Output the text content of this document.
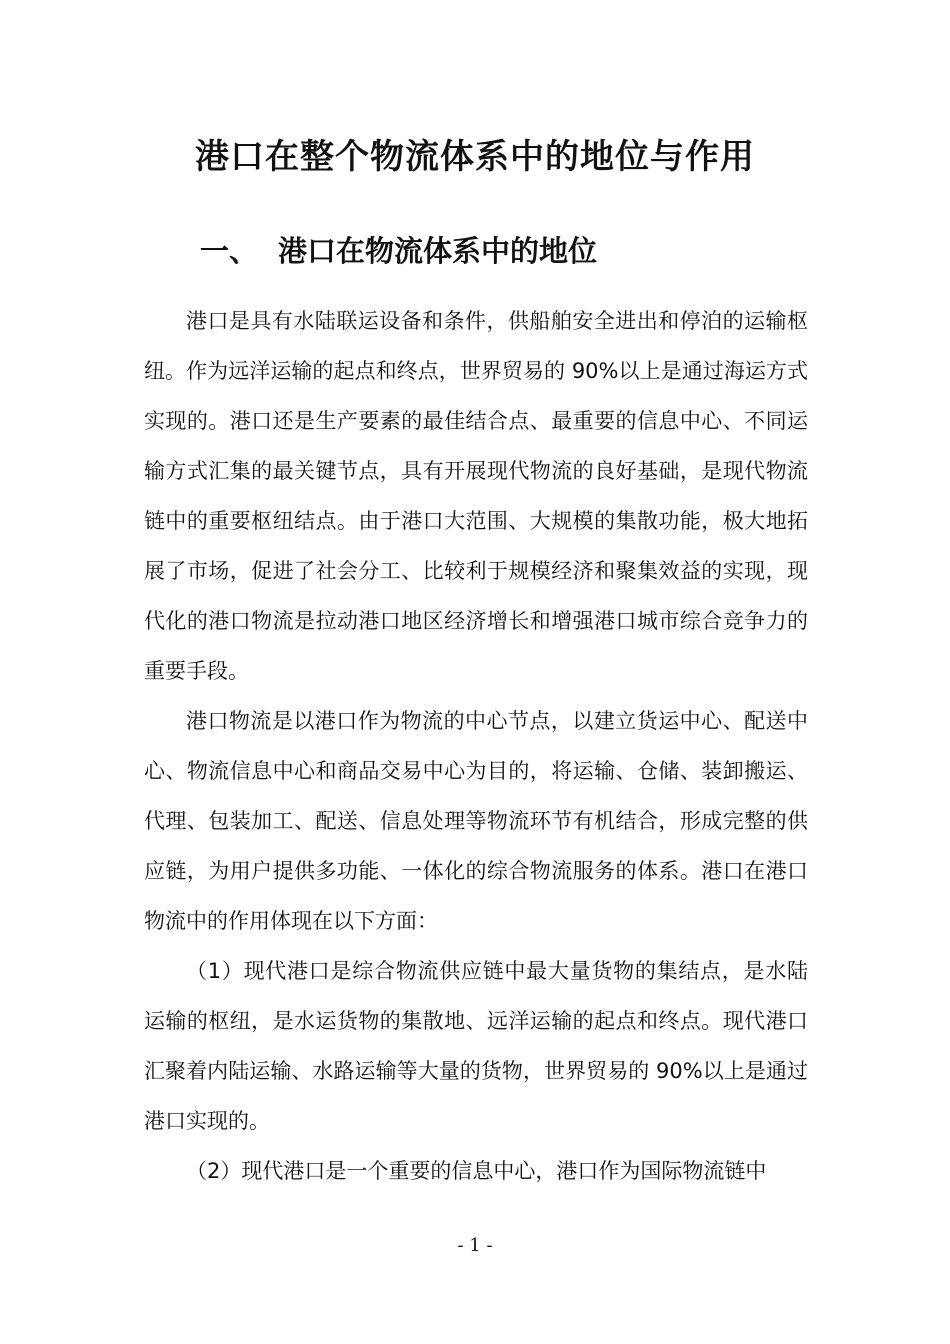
港口在整个物流体系中的地位与作用
一、 港口在物流体系中的地位

港口是具有水陆联运设备和条件，供船舶安全进出和停泊的运输枢纽。作为远洋运输的起点和终点，世界贸易的 90%以上是通过海运方式实现的。港口还是生产要素的最佳结合点、最重要的信息中心、不同运输方式汇集的最关键节点，具有开展现代物流的良好基础，是现代物流链中的重要枢纽结点。由于港口大范围、大规模的集散功能，极大地拓展了市场，促进了社会分工、比较利于规模经济和聚集效益的实现，现代化的港口物流是拉动港口地区经济增长和增强港口城市综合竞争力的重要手段。

港口物流是以港口作为物流的中心节点，以建立货运中心、配送中心、物流信息中心和商品交易中心为目的，将运输、仓储、装卸搬运、代理、包装加工、配送、信息处理等物流环节有机结合，形成完整的供应链，为用户提供多功能、一体化的综合物流服务的体系。港口在港口物流中的作用体现在以下方面：

（1）现代港口是综合物流供应链中最大量货物的集结点，是水陆运输的枢纽，是水运货物的集散地、远洋运输的起点和终点。现代港口汇聚着内陆运输、水路运输等大量的货物，世界贸易的 90%以上是通过港口实现的。

（2）现代港口是一个重要的信息中心，港口作为国际物流链中

- 1 -
